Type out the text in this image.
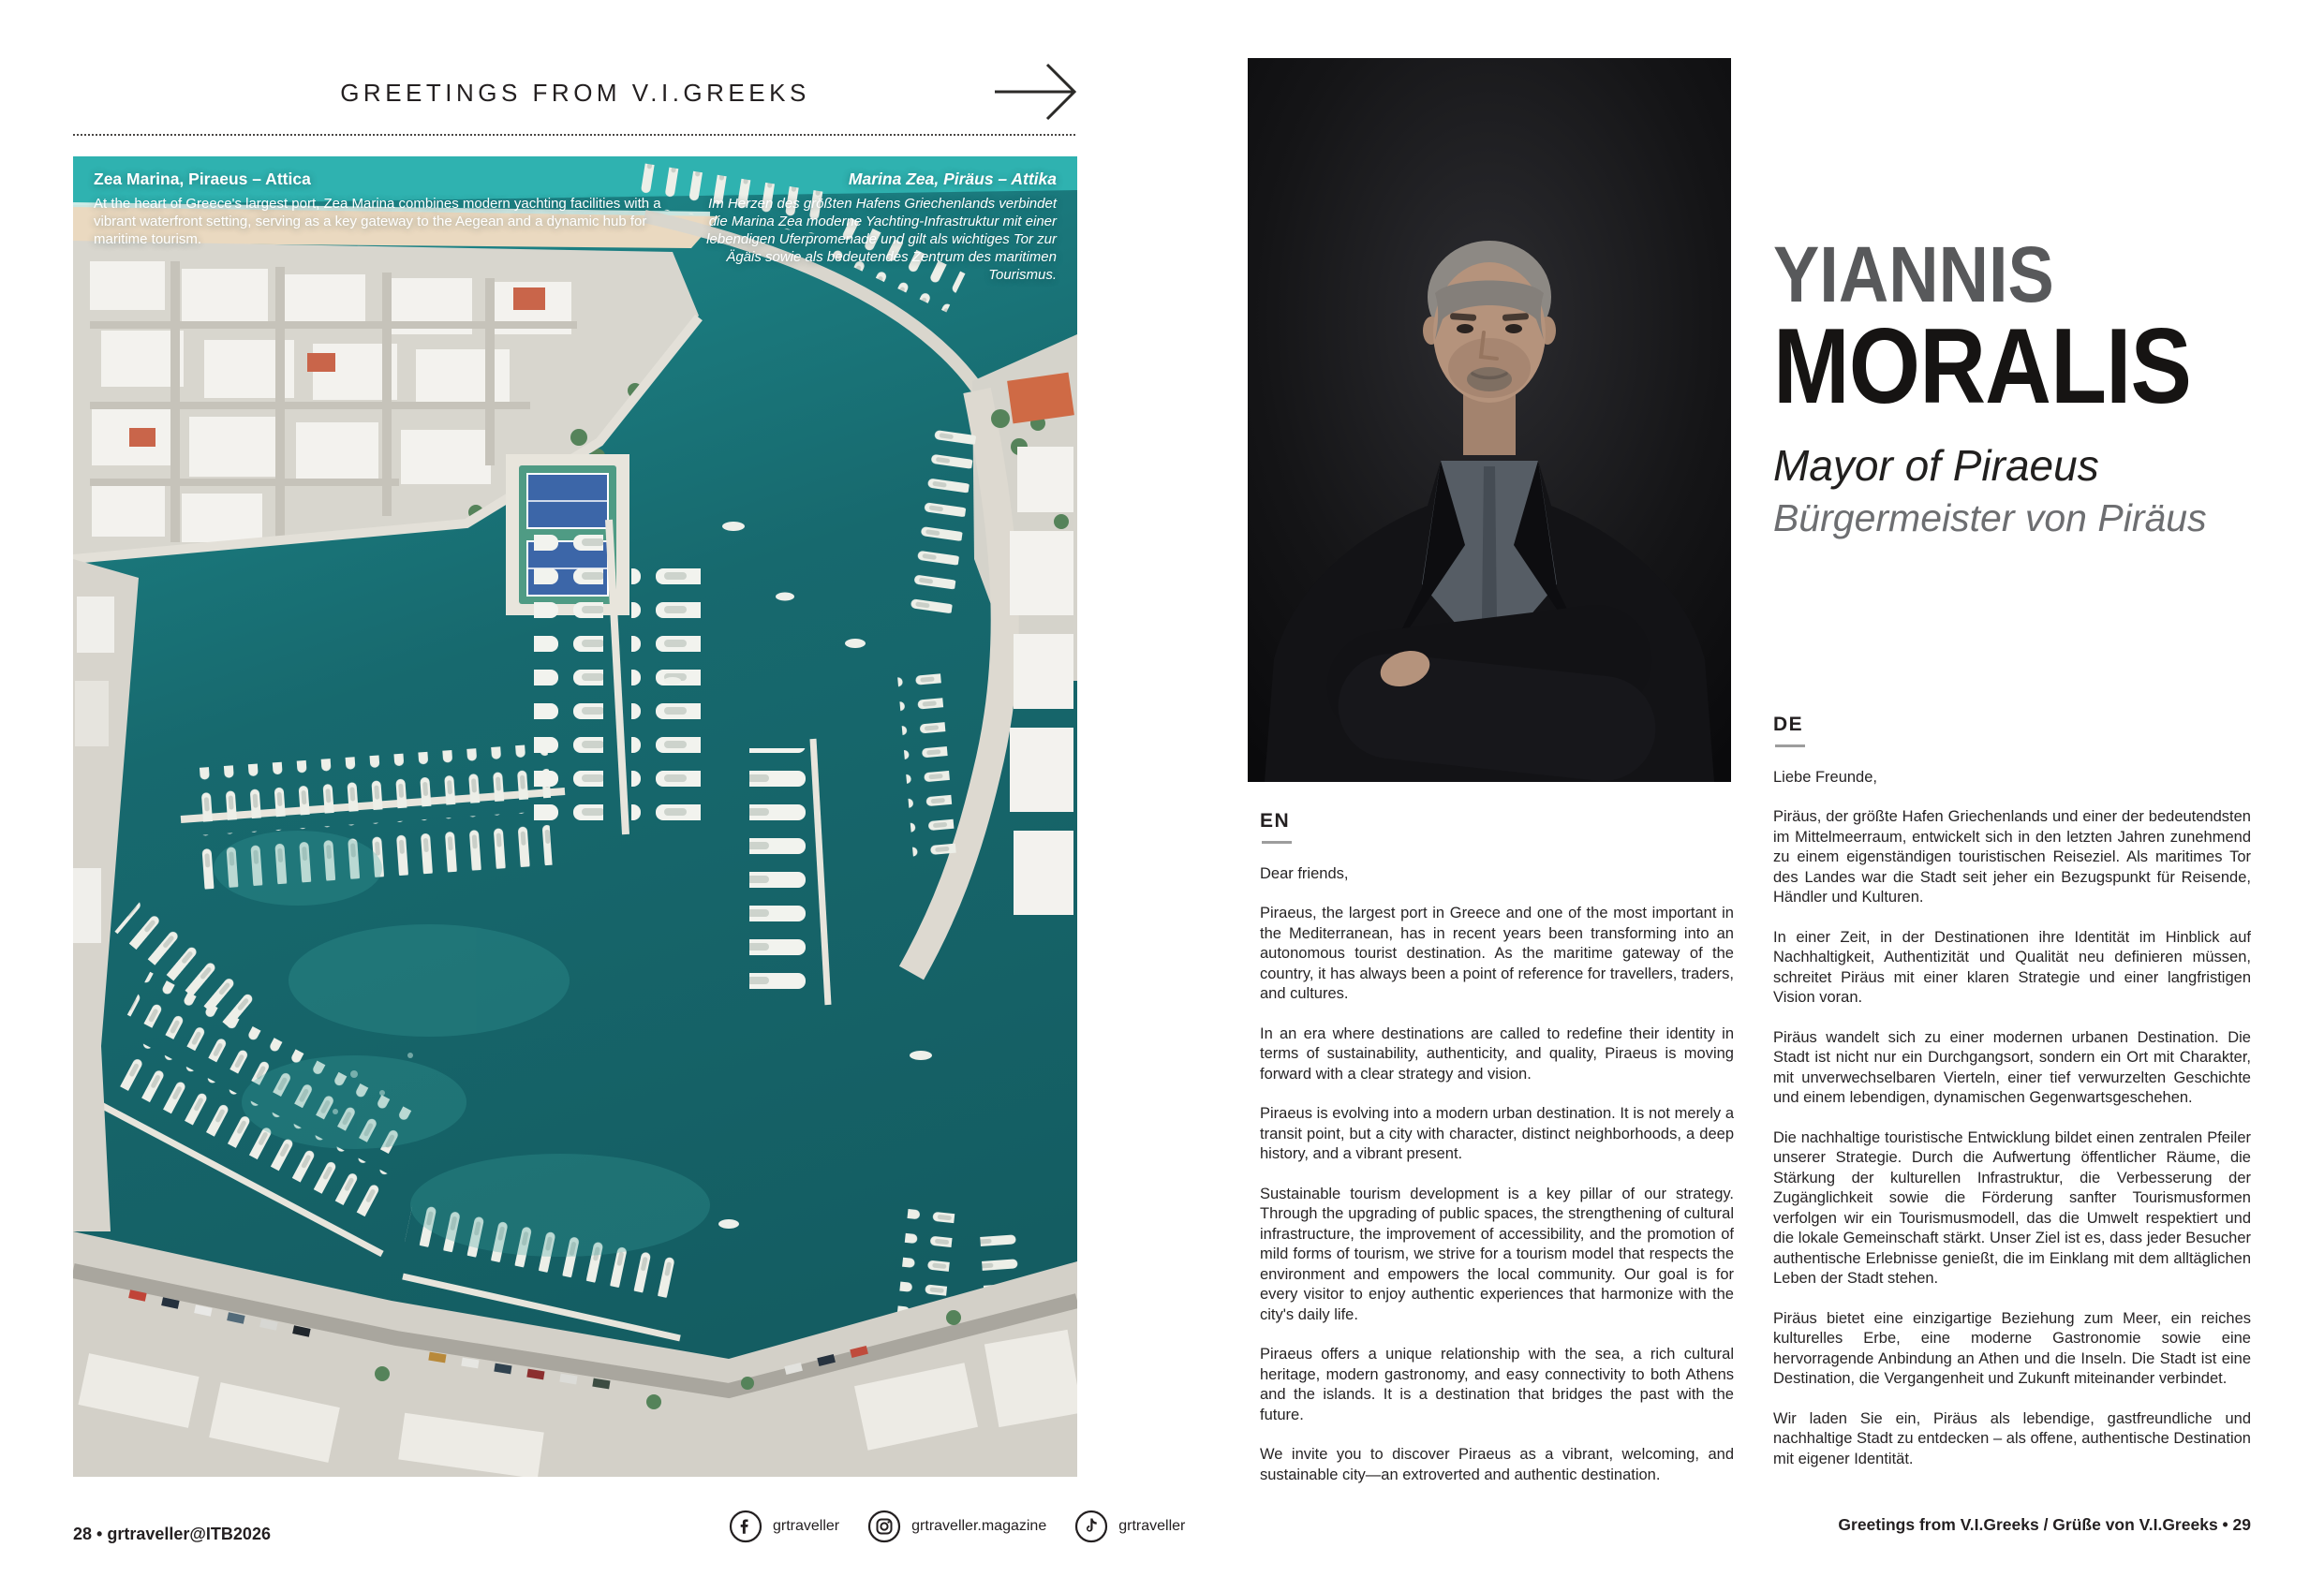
GREETINGS FROM V.I.GREEKS

Zea Marina, Piraeus – Attica

At the heart of Greece's largest port, Zea Marina combines modern yachting facilities with a vibrant waterfront setting, serving as a key gateway to the Aegean and a dynamic hub for maritime tourism.

Marina Zea, Piräus – Attika

Im Herzen des größten Hafens Griechenlands verbindet die Marina Zea moderne Yachting-Infrastruktur mit einer lebendigen Uferpromenade und gilt als wichtiges Tor zur Ägäis sowie als bedeutendes Zentrum des maritimen Tourismus.	YIANNIS
MORALIS
Mayor of Piraeus
Bürgermeister von Piräus
EN

Dear friends,

Piraeus, the largest port in Greece and one of the most important in the Mediterranean, has in recent years been transforming into an autonomous tourist destination. As the maritime gateway of the country, it has always been a point of reference for travellers, traders, and cultures.

In an era where destinations are called to redefine their identity in terms of sustainability, authenticity, and quality, Piraeus is moving forward with a clear strategy and vision.

Piraeus is evolving into a modern urban destination. It is not merely a transit point, but a city with character, distinct neighborhoods, a deep history, and a vibrant present.

Sustainable tourism development is a key pillar of our strategy. Through the upgrading of public spaces, the strengthening of cultural infrastructure, the improvement of accessibility, and the promotion of mild forms of tourism, we strive for a tourism model that respects the environment and empowers the local community. Our goal is for every visitor to enjoy authentic experiences that harmonize with the city's daily life.

Piraeus offers a unique relationship with the sea, a rich cultural heritage, modern gastronomy, and easy connectivity to both Athens and the islands. It is a destination that bridges the past with the future.

We invite you to discover Piraeus as a vibrant, welcoming, and sustainable city—an extroverted and authentic destination.

DE

Liebe Freunde,

Piräus, der größte Hafen Griechenlands und einer der bedeutendsten im Mittelmeerraum, entwickelt sich in den letzten Jahren zunehmend zu einem eigenständigen touristischen Reiseziel. Als maritimes Tor des Landes war die Stadt seit jeher ein Bezugspunkt für Reisende, Händler und Kulturen.

In einer Zeit, in der Destinationen ihre Identität im Hinblick auf Nachhaltigkeit, Authentizität und Qualität neu definieren müssen, schreitet Piräus mit einer klaren Strategie und einer langfristigen Vision voran.

Piräus wandelt sich zu einer modernen urbanen Destination. Die Stadt ist nicht nur ein Durchgangsort, sondern ein Ort mit Charakter, mit unverwechselbaren Vierteln, einer tief verwurzelten Geschichte und einem lebendigen, dynamischen Gegenwartsgeschehen.

Die nachhaltige touristische Entwicklung bildet einen zentralen Pfeiler unserer Strategie. Durch die Aufwertung öffentlicher Räume, die Stärkung der kulturellen Infrastruktur, die Verbesserung der Zugänglichkeit sowie die Förderung sanfter Tourismusformen verfolgen wir ein Tourismusmodell, das die Umwelt respektiert und die lokale Gemeinschaft stärkt. Unser Ziel ist es, dass jeder Besucher authentische Erlebnisse genießt, die im Einklang mit dem alltäglichen Leben der Stadt stehen.

Piräus bietet eine einzigartige Beziehung zum Meer, ein reiches kulturelles Erbe, eine moderne Gastronomie sowie eine hervorragende Anbindung an Athen und die Inseln. Die Stadt ist eine Destination, die Vergangenheit und Zukunft miteinander verbindet.

Wir laden Sie ein, Piräus als lebendige, gastfreundliche und nachhaltige Stadt zu entdecken – als offene, authentische Destination mit eigener Identität.

28 • grtraveller@ITB2026	grtraveller	grtraveller.magazine	grtraveller	Greetings from V.I.Greeks / Grüße von V.I.Greeks • 29
